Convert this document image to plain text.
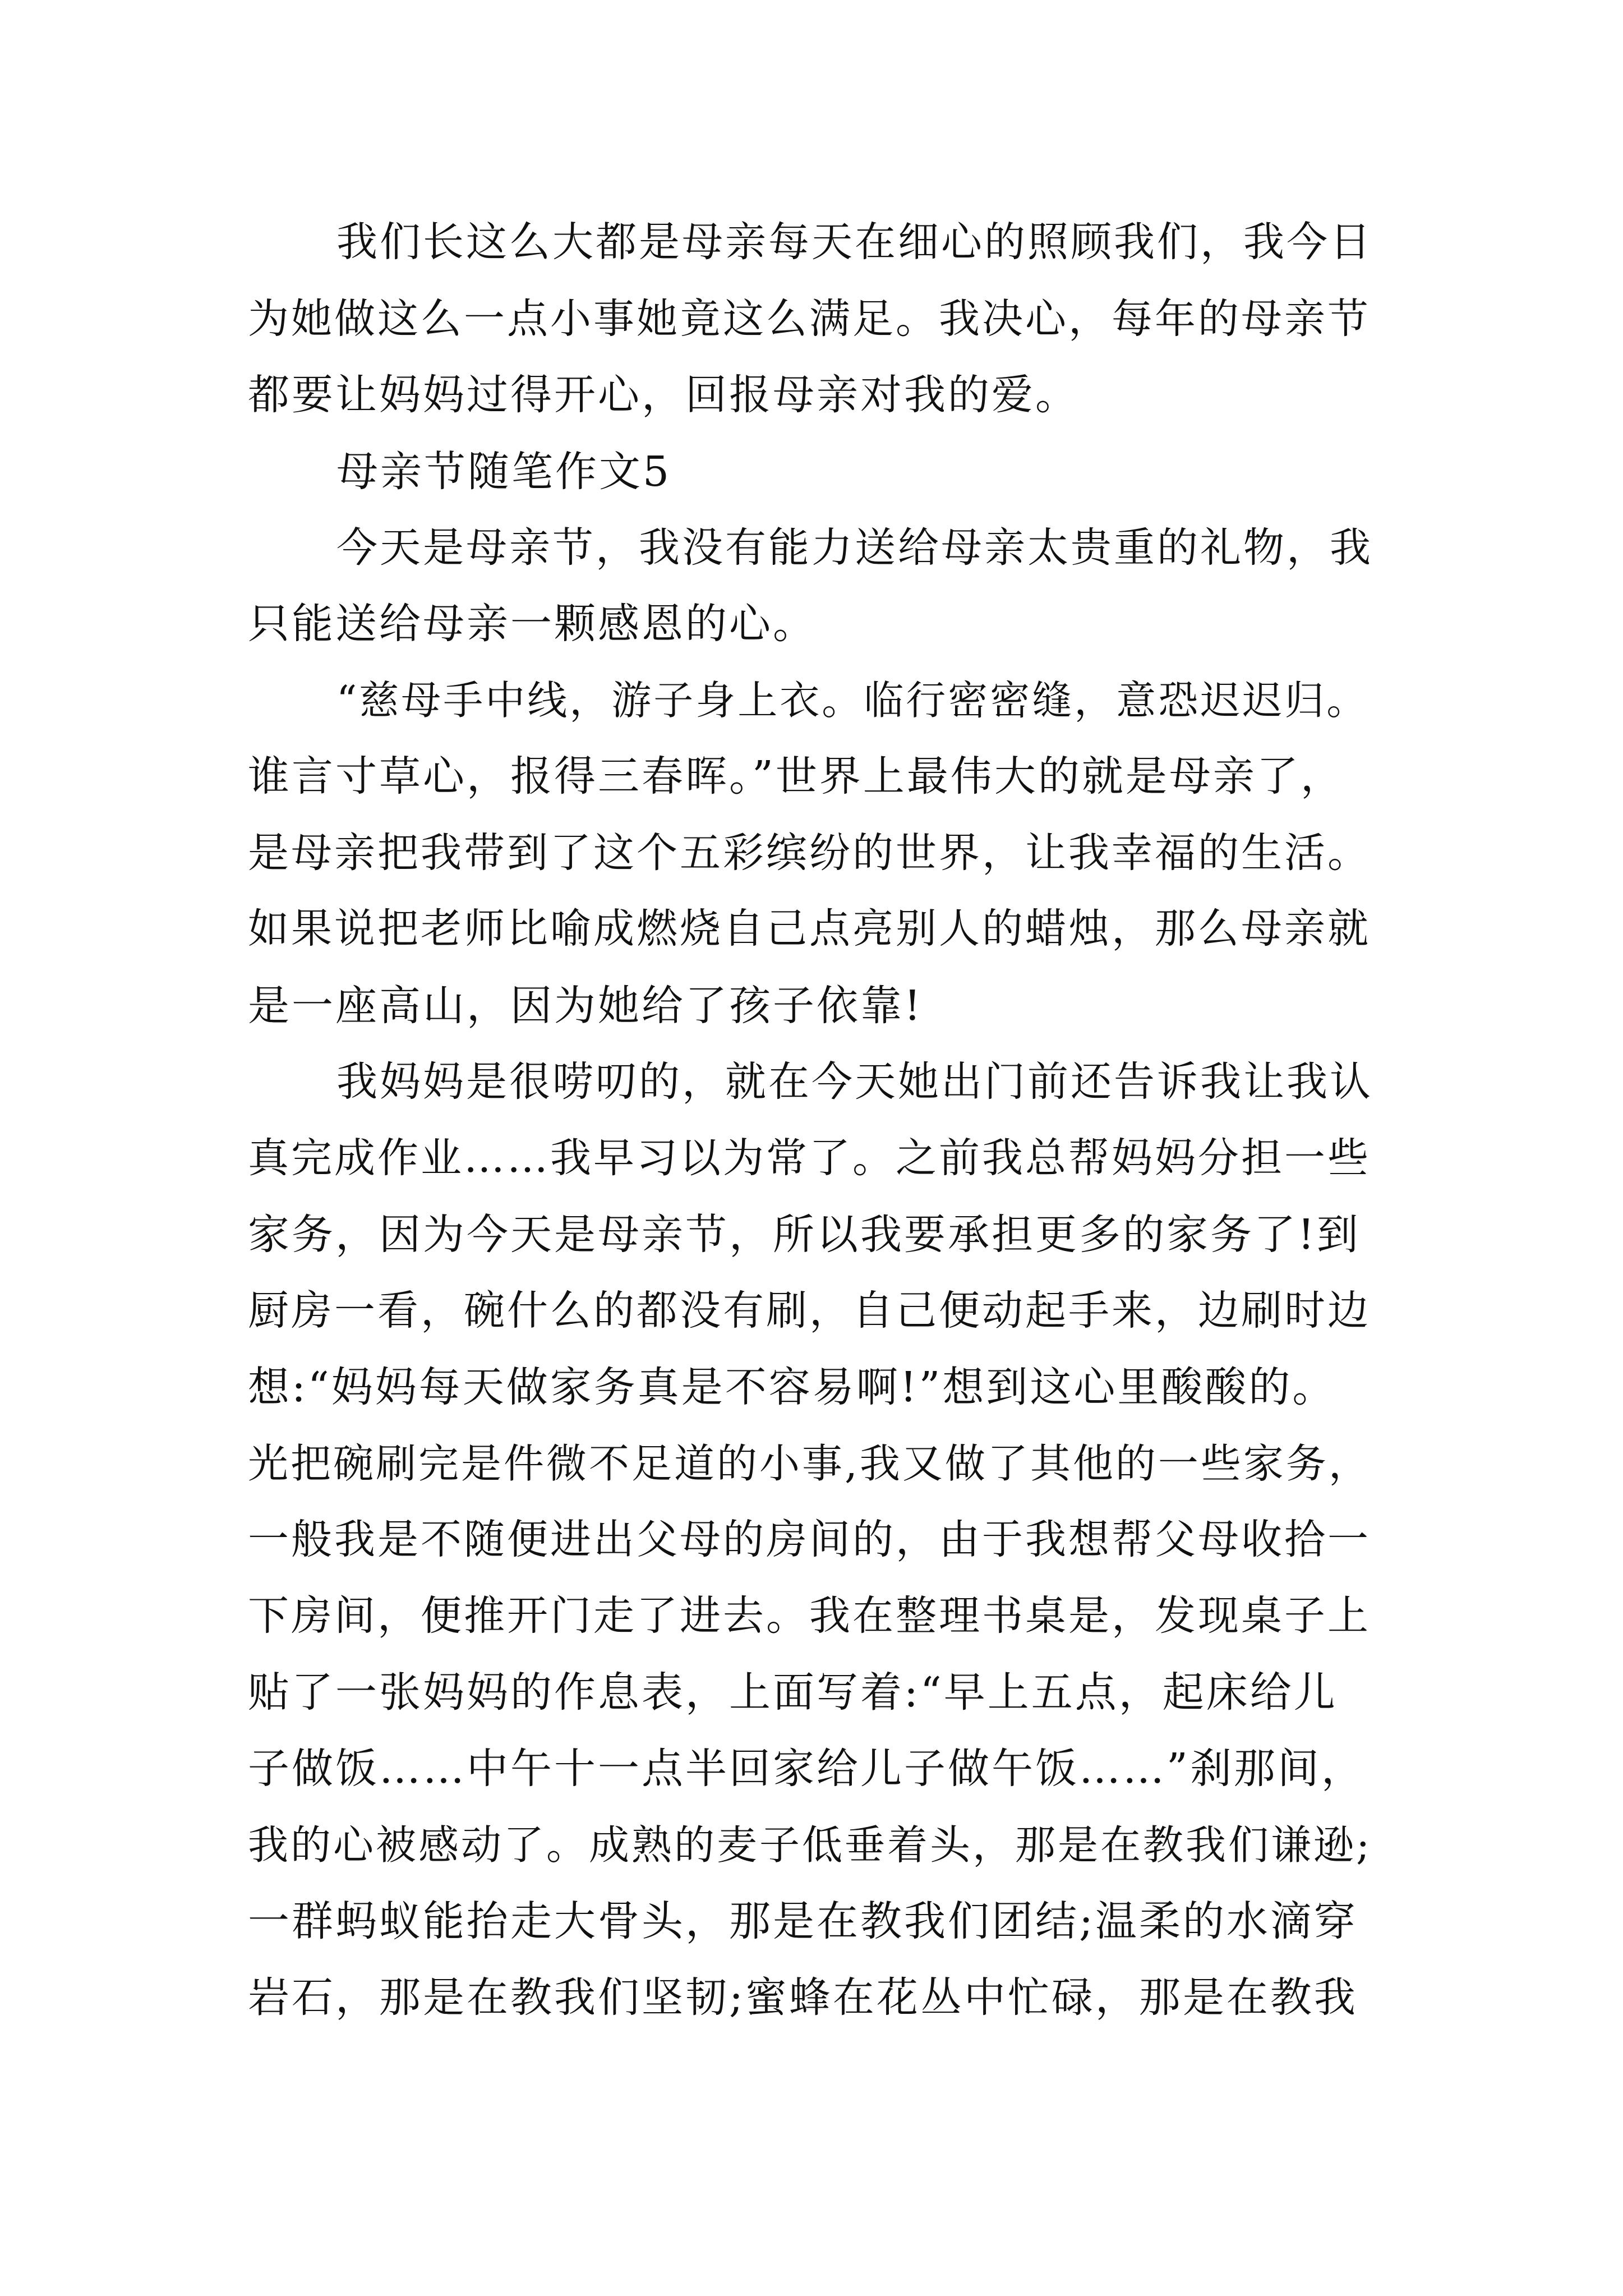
我们长这么大都是母亲每天在细心的照顾我们，我今日
为她做这么一点小事她竟这么满足。我决心，每年的母亲节
都要让妈妈过得开心，回报母亲对我的爱。
母亲节随笔作文5
今天是母亲节，我没有能力送给母亲太贵重的礼物，我
只能送给母亲一颗感恩的心。
“慈母手中线，游子身上衣。临行密密缝，意恐迟迟归。
谁言寸草心，报得三春晖。”世界上最伟大的就是母亲了，
是母亲把我带到了这个五彩缤纷的世界，让我幸福的生活。
如果说把老师比喻成燃烧自己点亮别人的蜡烛，那么母亲就
是一座高山，因为她给了孩子依靠!
我妈妈是很唠叨的，就在今天她出门前还告诉我让我认
真完成作业……我早习以为常了。之前我总帮妈妈分担一些
家务，因为今天是母亲节，所以我要承担更多的家务了!到
厨房一看，碗什么的都没有刷，自己便动起手来，边刷时边
想:“妈妈每天做家务真是不容易啊!”想到这心里酸酸的。
光把碗刷完是件微不足道的小事,我又做了其他的一些家务，
一般我是不随便进出父母的房间的，由于我想帮父母收拾一
下房间，便推开门走了进去。我在整理书桌是，发现桌子上
贴了一张妈妈的作息表，上面写着:“早上五点，起床给儿
子做饭……中午十一点半回家给儿子做午饭……”刹那间，
我的心被感动了。成熟的麦子低垂着头，那是在教我们谦逊;
一群蚂蚁能抬走大骨头，那是在教我们团结;温柔的水滴穿
岩石，那是在教我们坚韧;蜜蜂在花丛中忙碌，那是在教我
